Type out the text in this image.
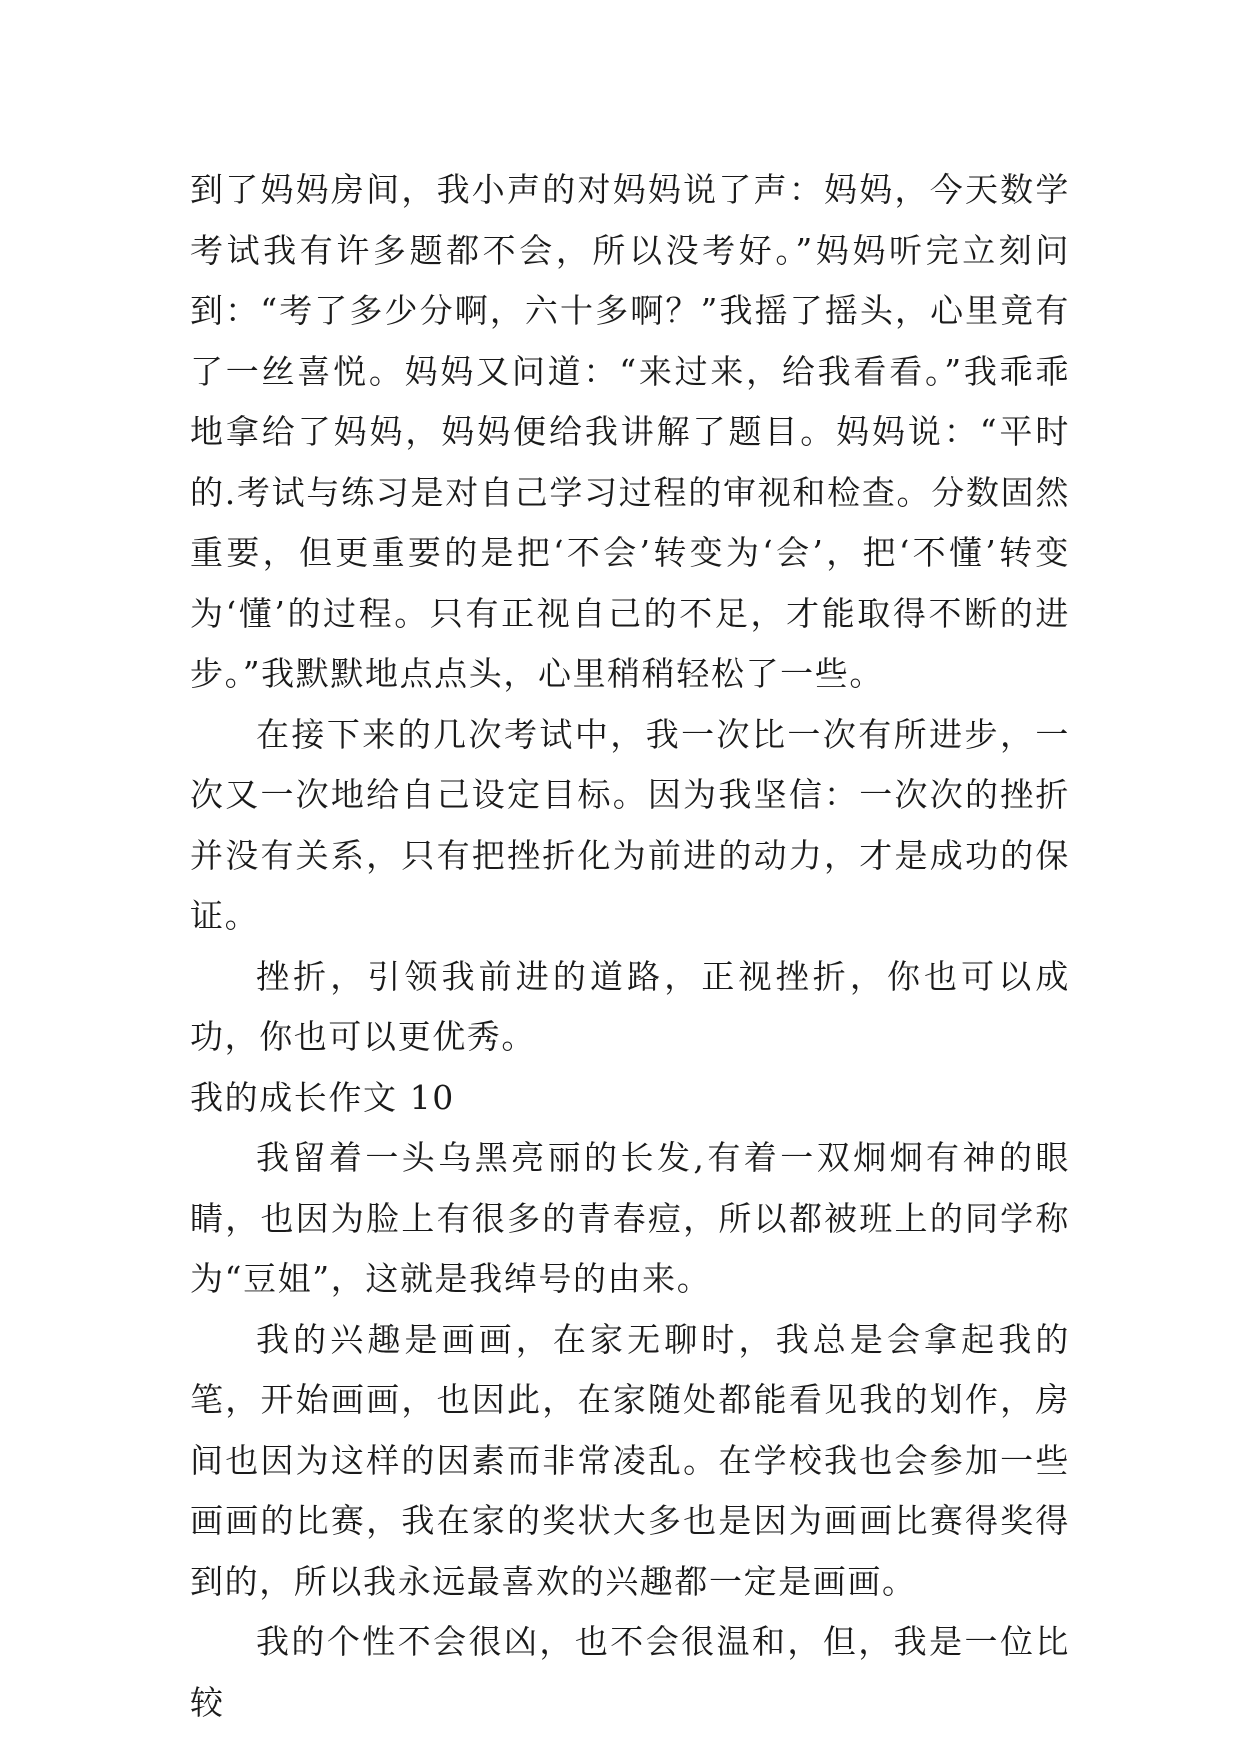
到了妈妈房间，我小声的对妈妈说了声：妈妈，今天数学考试我有许多题都不会，所以没考好。”妈妈听完立刻问到：“考了多少分啊，六十多啊？”我摇了摇头，心里竟有了一丝喜悦。妈妈又问道：“来过来，给我看看。”我乖乖地拿给了妈妈，妈妈便给我讲解了题目。妈妈说：“平时的.考试与练习是对自己学习过程的审视和检查。分数固然重要，但更重要的是把‘不会’转变为‘会’，把‘不懂’转变为‘懂’的过程。只有正视自己的不足，才能取得不断的进步。”我默默地点点头，心里稍稍轻松了一些。

在接下来的几次考试中，我一次比一次有所进步，一次又一次地给自己设定目标。因为我坚信：一次次的挫折并没有关系，只有把挫折化为前进的动力，才是成功的保证。

挫折，引领我前进的道路，正视挫折，你也可以成功，你也可以更优秀。

我的成长作文 10

我留着一头乌黑亮丽的长发,有着一双炯炯有神的眼睛，也因为脸上有很多的青春痘，所以都被班上的同学称为“豆姐”，这就是我绰号的由来。

我的兴趣是画画，在家无聊时，我总是会拿起我的笔，开始画画，也因此，在家随处都能看见我的划作，房间也因为这样的因素而非常凌乱。在学校我也会参加一些画画的比赛，我在家的奖状大多也是因为画画比赛得奖得到的，所以我永远最喜欢的兴趣都一定是画画。

我的个性不会很凶，也不会很温和，但，我是一位比较
